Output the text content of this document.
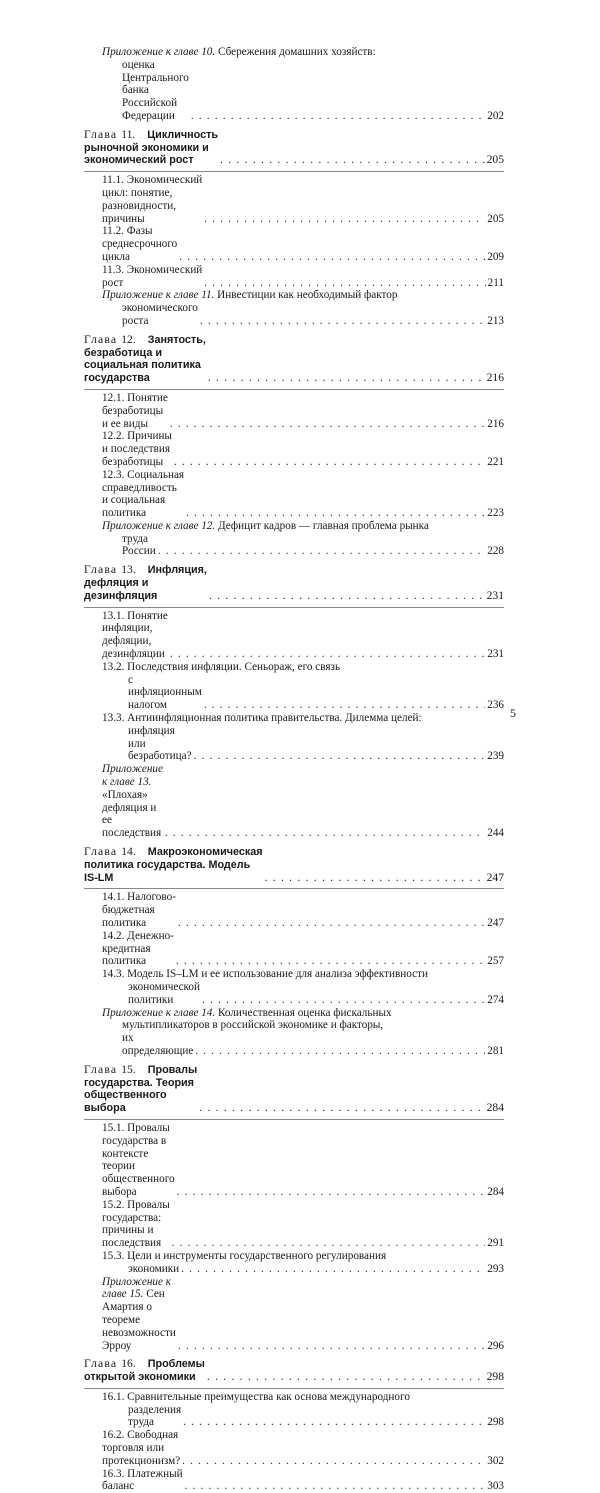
Приложение к главе 10. Сбережения домашних хозяйств:
оценка Центрального банка Российской Федерации . . .	202
Глава 11. Цикличность рыночной экономики и экономический рост . . .	205
11.1. Экономический цикл: понятие, разновидности, причины . . .	205
11.2. Фазы среднесрочного цикла . . .	209
11.3. Экономический рост . . .	211
Приложение к главе 11. Инвестиции как необходимый фактор
экономического роста . . .	213
Глава 12. Занятость, безработица и социальная политика государства . . .	216
12.1. Понятие безработицы и ее виды . . .	216
12.2. Причины и последствия безработицы . . .	221
12.3. Социальная справедливость и социальная политика . . .	223
Приложение к главе 12. Дефицит кадров — главная проблема рынка
труда России . . .	228
Глава 13. Инфляция, дефляция и дезинфляция . . .	231
13.1. Понятие инфляции, дефляции, дезинфляции . . .	231
13.2. Последствия инфляции. Сеньораж, его связь
с инфляционным налогом . . .	236
13.3. Антиинфляционная политика правительства. Дилемма целей:
инфляция или безработица? . . .	239
Приложение к главе 13. «Плохая» дефляция и ее последствия . . .	244
Глава 14. Макроэкономическая политика государства. Модель IS-LM . . .	247
14.1. Налогово-бюджетная политика . . .	247
14.2. Денежно-кредитная политика . . .	257
14.3. Модель IS–LM и ее использование для анализа эффективности
экономической политики . . .	274
Приложение к главе 14. Количественная оценка фискальных
мультипликаторов в российской экономике и факторы,
их определяющие . . .	281
Глава 15. Провалы государства. Теория общественного выбора . . .	284
15.1. Провалы государства в контексте теории общественного выбора . . .	284
15.2. Провалы государства: причины и последствия . . .	291
15.3. Цели и инструменты государственного регулирования
экономики . . .	293
Приложение к главе 15. Сен Амартия о теореме невозможности Эрроу . . .	296
Глава 16. Проблемы открытой экономики . . .	298
16.1. Сравнительные преимущества как основа международного
разделения труда . . .	298
16.2. Свободная торговля или протекционизм? . . .	302
16.3. Платежный баланс . . .	303
5
